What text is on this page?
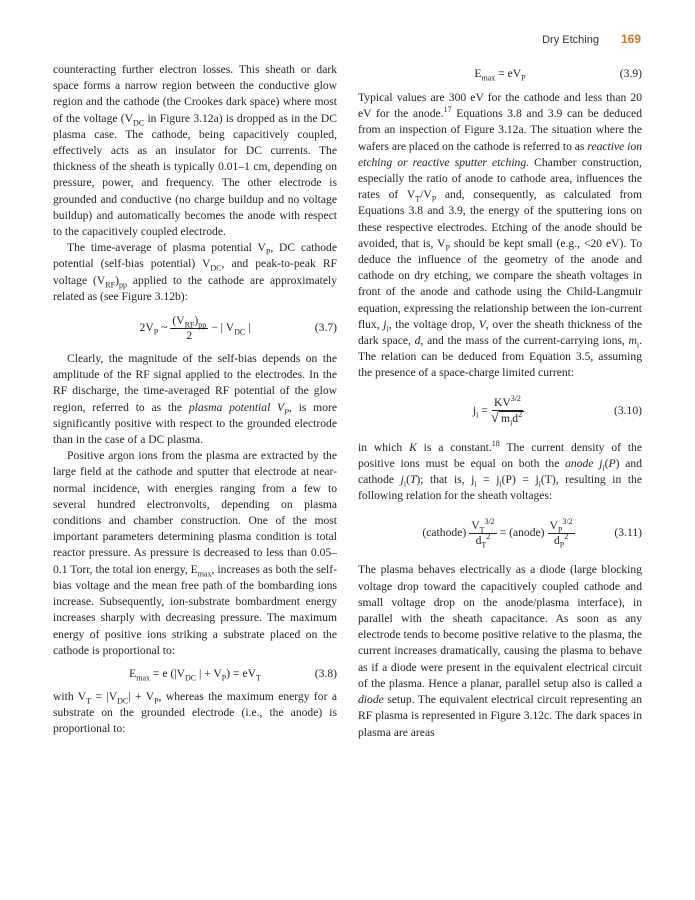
Dry Etching 169

counteracting further electron losses. This sheath or dark space forms a narrow region between the conductive glow region and the cathode (the Crookes dark space) where most of the voltage ($V_{DC}$ in Figure 3.12a) is dropped as in the DC plasma case. The cathode, being capacitively coupled, effectively acts as an insulator for DC currents. The thickness of the sheath is typically 0.01–1 cm, depending on pressure, power, and frequency. The other electrode is grounded and conductive (no charge buildup and no voltage buildup) and automatically becomes the anode with respect to the capacitively coupled electrode.

The time-average of plasma potential $V_P$, DC cathode potential (self-bias potential) $V_{DC}$, and peak-to-peak RF voltage $(V_{RF})_{pp}$ applied to the cathode are approximately related as (see Figure 3.12b):

$2V_P$ ~ $\frac{(V_{RF})_{pp}}{2}$ − | $V_{DC}$ |	(3.7)

Clearly, the magnitude of the self-bias depends on the amplitude of the RF signal applied to the electrodes. In the RF discharge, the time-averaged RF potential of the glow region, referred to as the plasma potential $V_P$, is more significantly positive with respect to the grounded electrode than in the case of a DC plasma.

Positive argon ions from the plasma are extracted by the large field at the cathode and sputter that electrode at near-normal incidence, with energies ranging from a few to several hundred electronvolts, depending on plasma conditions and chamber construction. One of the most important parameters determining plasma condition is total reactor pressure. As pressure is decreased to less than 0.05–0.1 Torr, the total ion energy, $E_{max}$, increases as both the self-bias voltage and the mean free path of the bombarding ions increase. Subsequently, ion-substrate bombardment energy increases sharply with decreasing pressure. The maximum energy of positive ions striking a substrate placed on the cathode is proportional to:

$E_{max} = e$ ($|V_{DC}$ | + $V_P) = eV_T$	(3.8)

with $V_T = |V_{DC}| + V_P$, whereas the maximum energy for a substrate on the grounded electrode (i.e., the anode) is proportional to:

$E_{max} = eV_P$	(3.9)

Typical values are 300 eV for the cathode and less than 20 eV for the anode.$^{17}$ Equations 3.8 and 3.9 can be deduced from an inspection of Figure 3.12a. The situation where the wafers are placed on the cathode is referred to as reactive ion etching or reactive sputter etching. Chamber construction, especially the ratio of anode to cathode area, influences the rates of $V_T/V_P$ and, consequently, as calculated from Equations 3.8 and 3.9, the energy of the sputtering ions on these respective electrodes. Etching of the anode should be avoided, that is, $V_P$ should be kept small (e.g., <20 eV). To deduce the influence of the geometry of the anode and cathode on dry etching, we compare the sheath voltages in front of the anode and cathode using the Child-Langmuir equation, expressing the relationship between the ion-current flux, $j_i$, the voltage drop, V, over the sheath thickness of the dark space, d, and the mass of the current-carrying ions, $m_i$. The relation can be deduced from Equation 3.5, assuming the presence of a space-charge limited current:

$j_i = \frac{KV^{3/2}}{√ m_id^2}$	(3.10)

in which K is a constant.$^{18}$ The current density of the positive ions must be equal on both the anode $j_i(P)$ and cathode $j_i(T)$; that is, $j_i = j_i(P) = j_i(T)$, resulting in the following relation for the sheath voltages:

(cathode) $\frac{V_T^{3/2}}{d_T^2}$ = (anode) $\frac{V_P^{3/2}}{d_P^2}$	(3.11)

The plasma behaves electrically as a diode (large blocking voltage drop toward the capacitively coupled cathode and small voltage drop on the anode/plasma interface), in parallel with the sheath capacitance. As soon as any electrode tends to become positive relative to the plasma, the current increases dramatically, causing the plasma to behave as if a diode were present in the equivalent electrical circuit of the plasma. Hence a planar, parallel setup also is called a diode setup. The equivalent electrical circuit representing an RF plasma is represented in Figure 3.12c. The dark spaces in plasma are areas
